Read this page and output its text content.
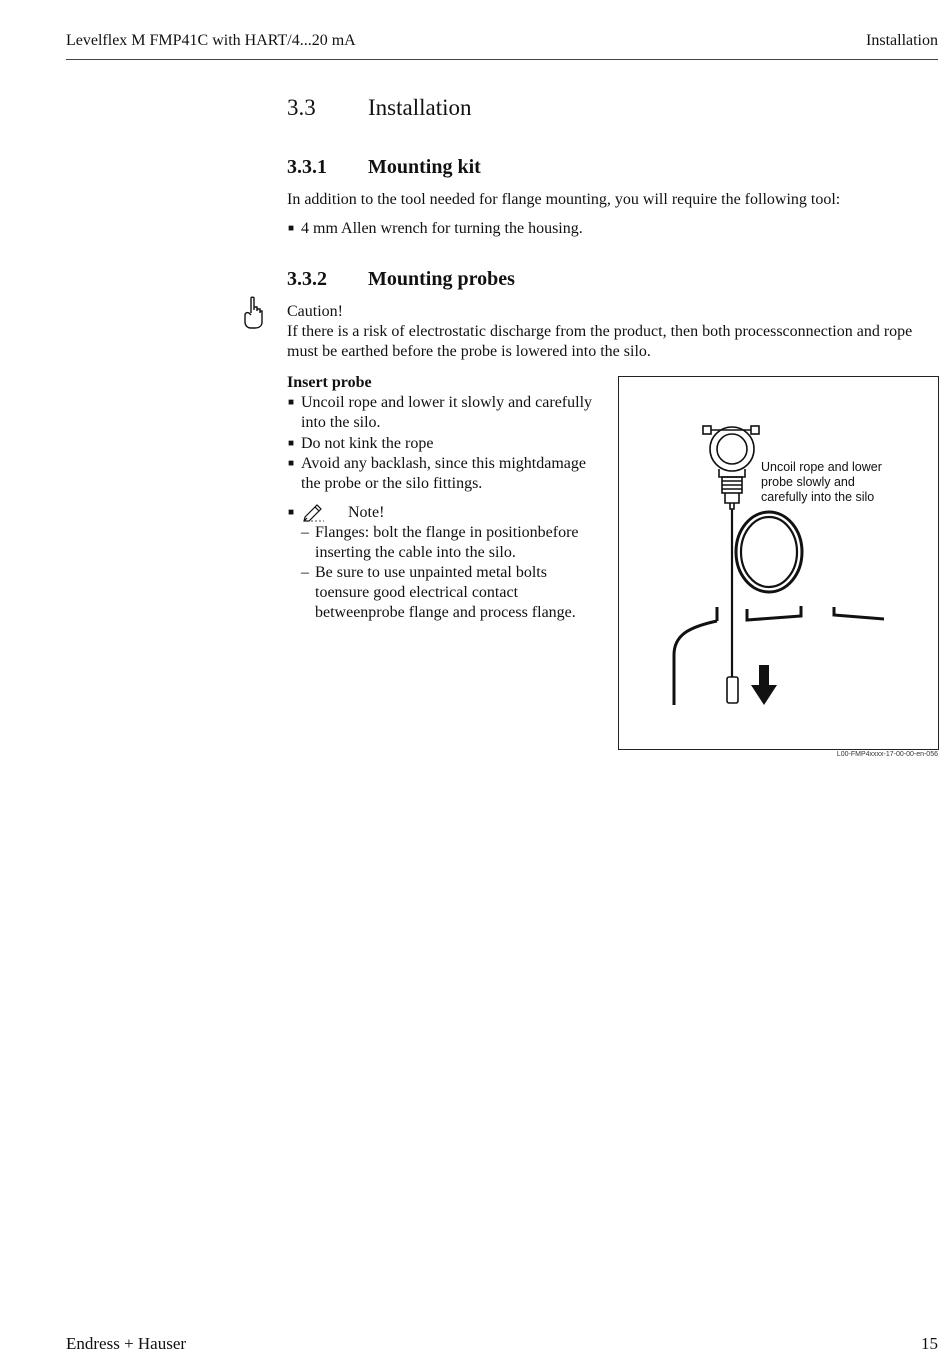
Levelflex M FMP41C with HART/4...20 mA	Installation
3.3 Installation
3.3.1 Mounting kit
In addition to the tool needed for flange mounting, you will require the following tool:
■ 4 mm Allen wrench for turning the housing.
3.3.2 Mounting probes
Caution!
If there is a risk of electrostatic discharge from the product, then both processconnection and rope
must be earthed before the probe is lowered into the silo.
Insert probe
■ Uncoil rope and lower it slowly and carefully
into the silo.
■ Do not kink the rope
■ Avoid any backlash, since this mightdamage
the probe or the silo fittings.
■	Note!
– Flanges: bolt the flange in positionbefore
inserting the cable into the silo.
– Be sure to use unpainted metal bolts
toensure good electrical contact
betweenprobe flange and process flange.
Uncoil rope and lower
probe slowly and
carefully into the silo
L00-FMP4xxxx-17-00-00-en-056
Endress + Hauser	15
